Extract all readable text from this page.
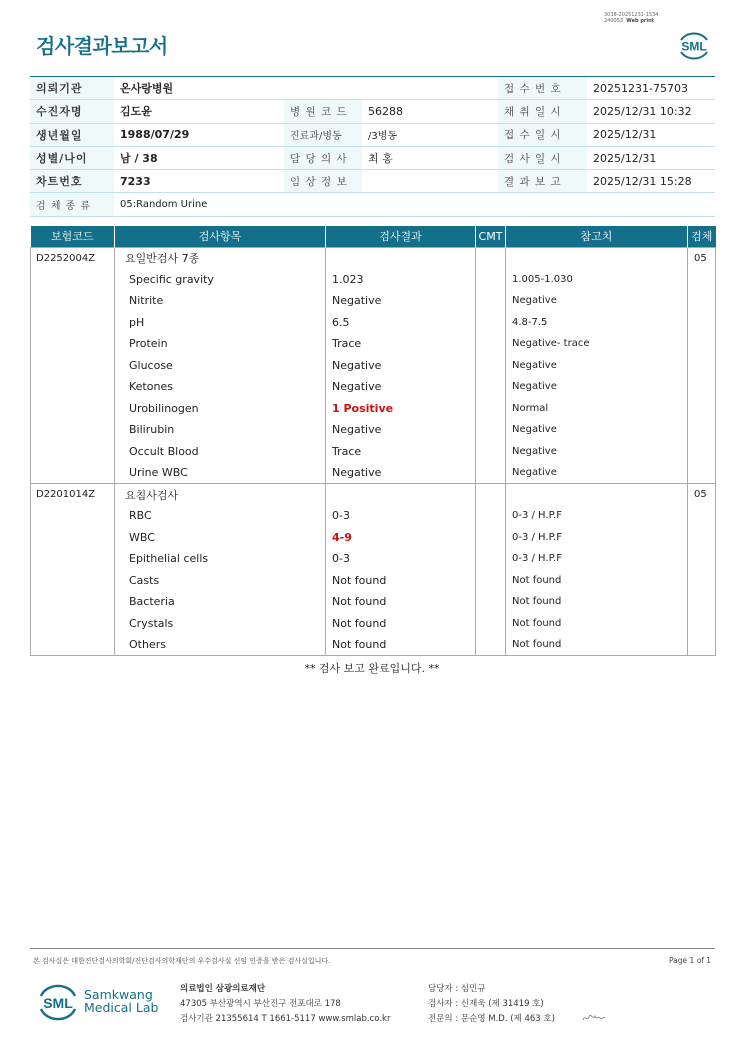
3038-20251231-1534
240053 Web print
검사결과보고서	SML
의뢰기관	온사랑병원			접 수 번 호	20251231-75703
수진자명	김도윤	병 원 코 드	56288	채 취 일 시	2025/12/31 10:32
생년월일	1988/07/29	진료과/병동	/3병동	접 수 일 시	2025/12/31
성별/나이	남 / 38	담 당 의 사	최 홍	검 사 일 시	2025/12/31
차트번호	7233	임 상 정 보		결 과 보 고	2025/12/31 15:28
검 체 종 류	05:Random Urine				
보험코드	검사항목	검사결과	CMT	참고치	검체
D2252004Z	요일반검사 7종				05
	Specific gravity	1.023		1.005-1.030	
	Nitrite	Negative		Negative	
	pH	6.5		4.8-7.5	
	Protein	Trace		Negative- trace	
	Glucose	Negative		Negative	
	Ketones	Negative		Negative	
	Urobilinogen	1 Positive		Normal	
	Bilirubin	Negative		Negative	
	Occult Blood	Trace		Negative	
	Urine WBC	Negative		Negative	
D2201014Z	요침사검사				05
	RBC	0-3		0-3 / H.P.F	
	WBC	4-9		0-3 / H.P.F	
	Epithelial cells	0-3		0-3 / H.P.F	
	Casts	Not found		Not found	
	Bacteria	Not found		Not found	
	Crystals	Not found		Not found	
	Others	Not found		Not found	
** 검사 보고 완료입니다. **
본 검사실은 대한진단검사의학회/진단검사의학재단의 우수검사실 신임 인증을 받은 검사실입니다.	Page 1 of 1
SML
Samkwang
Medical Lab
의료법인 삼광의료재단
47305 부산광역시 부산진구 전포대로 178
검사기관 21355614 T 1661-5117 www.smlab.co.kr
담당자 : 심민규
검사자 : 신재욱 (제 31419 호)
전문의 : 문순영 M.D. (제 463 호)
